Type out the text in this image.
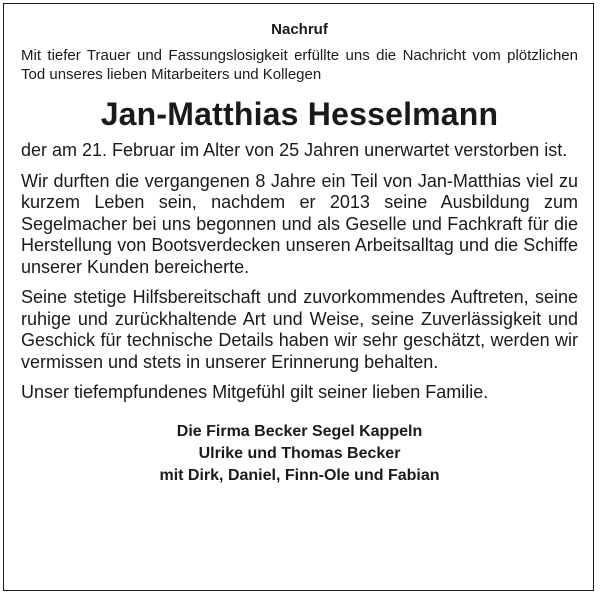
Nachruf

Mit tiefer Trauer und Fassungslosigkeit erfüllte uns die Nachricht vom plötzlichen Tod unseres lieben Mitarbeiters und Kollegen

Jan-Matthias Hesselmann

der am 21. Februar im Alter von 25 Jahren unerwartet verstorben ist.

Wir durften die vergangenen 8 Jahre ein Teil von Jan-Matthias viel zu kurzem Leben sein, nachdem er 2013 seine Ausbildung zum Segelmacher bei uns begonnen und als Geselle und Fachkraft für die Herstellung von Bootsverdecken unseren Arbeitsalltag und die Schiffe unserer Kunden bereicherte.

Seine stetige Hilfsbereitschaft und zuvorkommendes Auftreten, seine ruhige und zurückhaltende Art und Weise, seine Zuverlässigkeit und Geschick für technische Details haben wir sehr geschätzt, werden wir vermissen und stets in unserer Erinnerung behalten.

Unser tiefempfundenes Mitgefühl gilt seiner lieben Familie.

Die Firma Becker Segel Kappeln
Ulrike und Thomas Becker
mit Dirk, Daniel, Finn-Ole und Fabian
